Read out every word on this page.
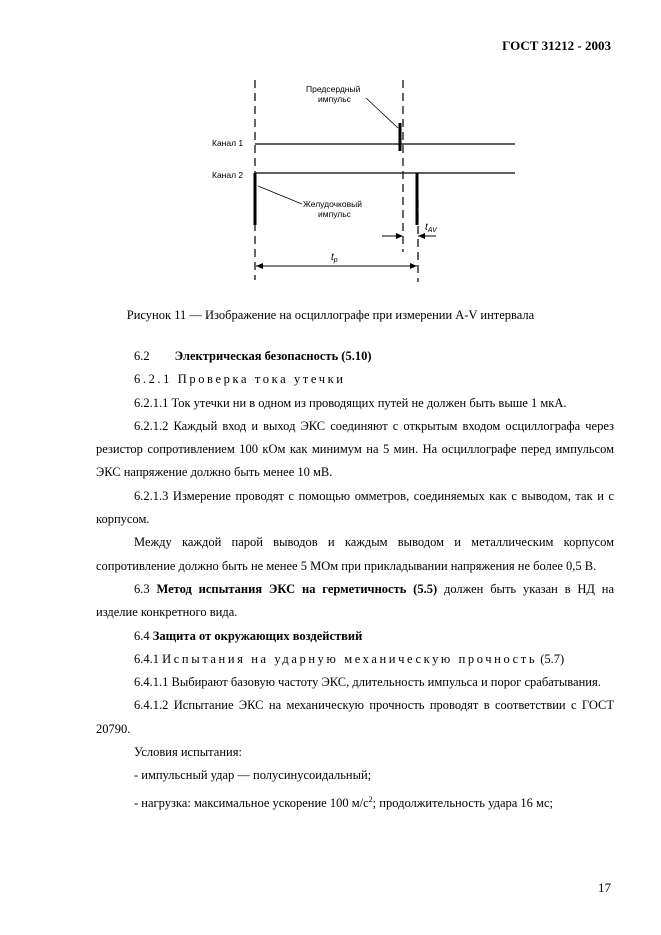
ГОСТ 31212 - 2003
Предсердный
импульс
Канал 1
Канал 2
Желудочковый
импульс
$t_{AV}$
$t_p$
Рисунок 11 — Изображение на осциллографе при измерении A-V интервала

6.2 Электрическая безопасность (5.10)

6.2.1 Проверка тока утечки

6.2.1.1 Ток утечки ни в одном из проводящих путей не должен быть выше 1 мкА.

6.2.1.2 Каждый вход и выход ЭКС соединяют с открытым входом осциллографа через резистор сопротивлением 100 кОм как минимум на 5 мин. На осциллографе перед импульсом ЭКС напряжение должно быть менее 10 мВ.

6.2.1.3 Измерение проводят с помощью омметров, соединяемых как с выводом, так и с корпусом.

Между каждой парой выводов и каждым выводом и металлическим корпусом сопротивление должно быть не менее 5 МОм при прикладывании напряжения не более 0,5 В.

6.3 Метод испытания ЭКС на герметичность (5.5) должен быть указан в НД на изделие конкретного вида.

6.4 Защита от окружающих воздействий

6.4.1 Испытания на ударную механическую прочность (5.7)

6.4.1.1 Выбирают базовую частоту ЭКС, длительность импульса и порог срабатывания.

6.4.1.2 Испытание ЭКС на механическую прочность проводят в соответствии с ГОСТ 20790.

Условия испытания:

- импульсный удар — полусинусоидальный;

- нагрузка: максимальное ускорение 100 $м/с^2$; продолжительность удара 16 мс;

17
